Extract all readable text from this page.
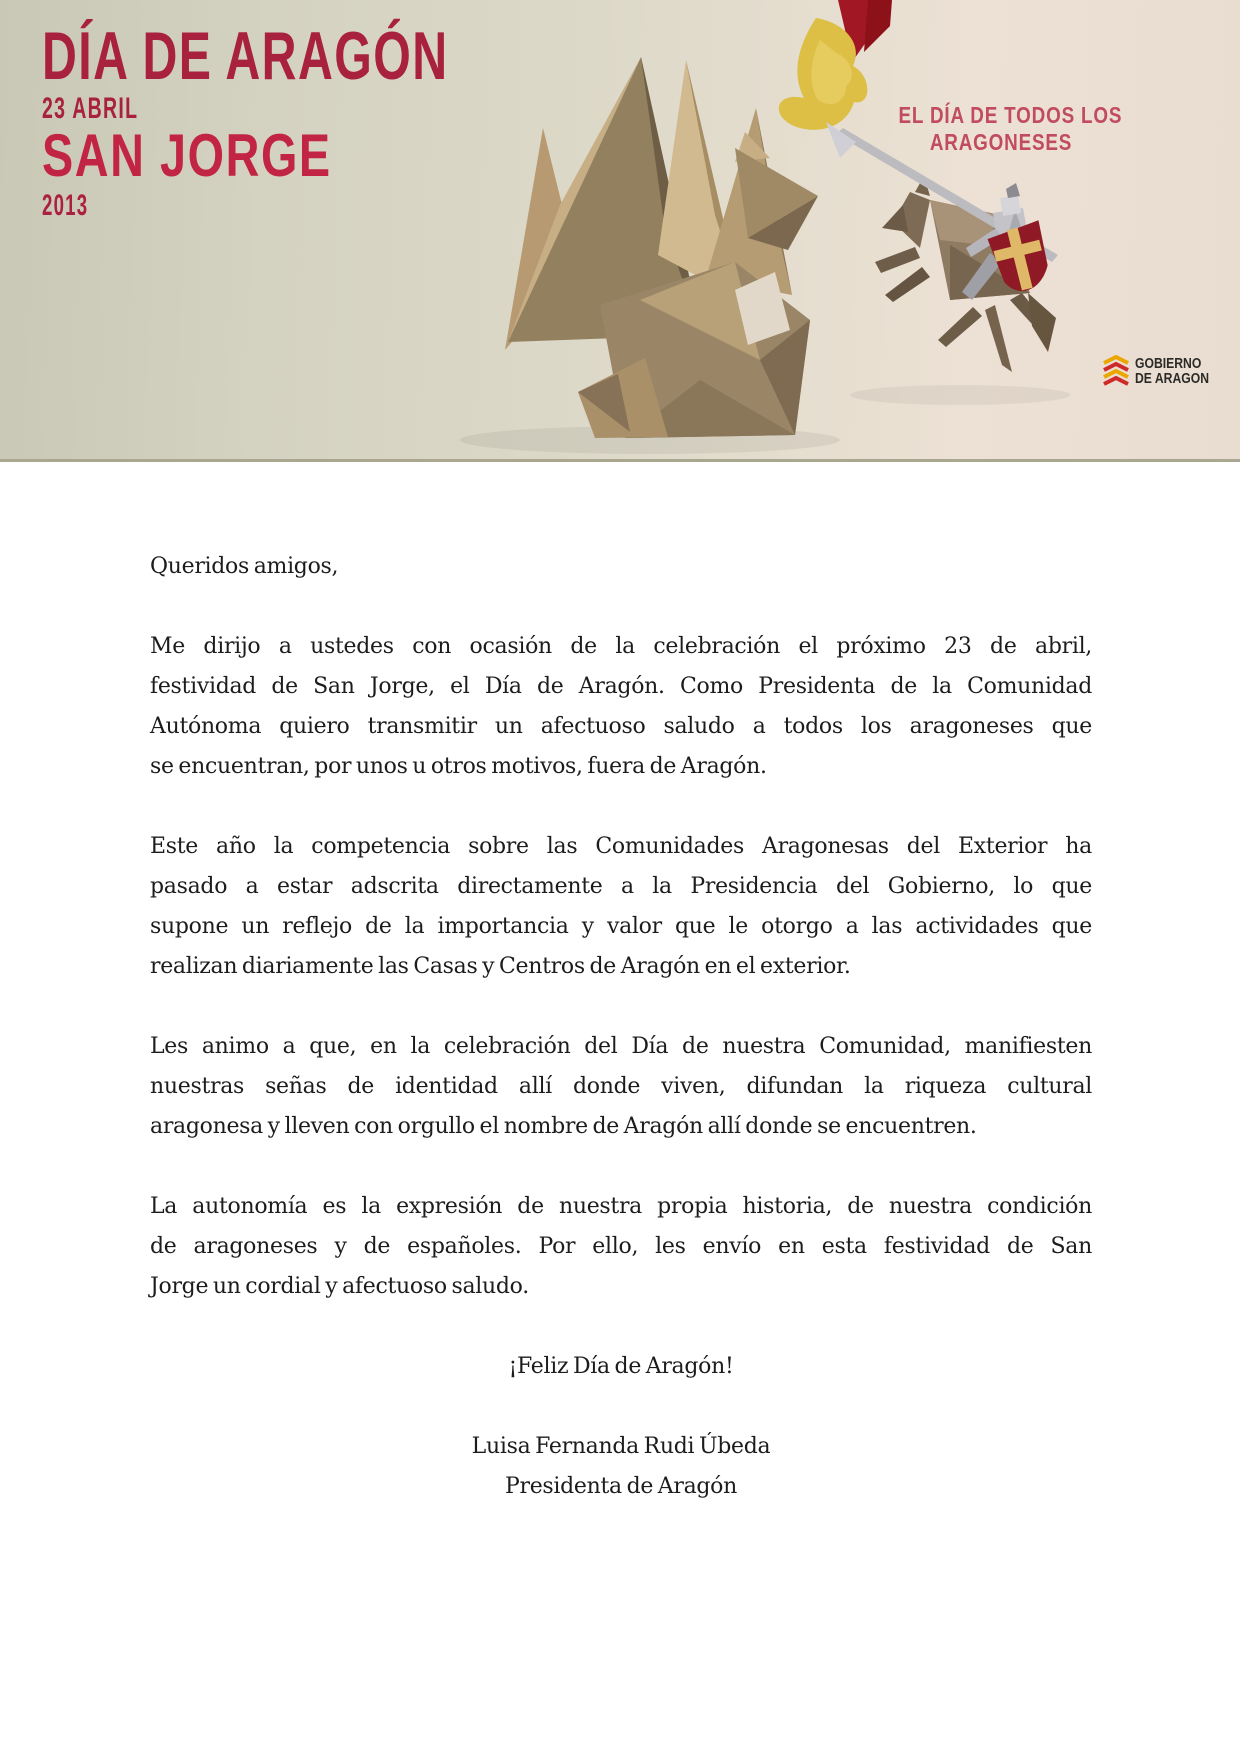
DÍA DE ARAGÓN
23 ABRIL
SAN JORGE
2013
EL DÍA DE TODOS LOS
ARAGONESES
GOBIERNO
DE ARAGON

Queridos amigos,

Me dirijo a ustedes con ocasión de la celebración el próximo 23 de abril,
festividad de San Jorge, el Día de Aragón. Como Presidenta de la Comunidad
Autónoma quiero transmitir un afectuoso saludo a todos los aragoneses que
se encuentran, por unos u otros motivos, fuera de Aragón.

Este año la competencia sobre las Comunidades Aragonesas del Exterior ha
pasado a estar adscrita directamente a la Presidencia del Gobierno, lo que
supone un reflejo de la importancia y valor que le otorgo a las actividades que
realizan diariamente las Casas y Centros de Aragón en el exterior.

Les animo a que, en la celebración del Día de nuestra Comunidad, manifiesten
nuestras señas de identidad allí donde viven, difundan la riqueza cultural
aragonesa y lleven con orgullo el nombre de Aragón allí donde se encuentren.

La autonomía es la expresión de nuestra propia historia, de nuestra condición
de aragoneses y de españoles. Por ello, les envío en esta festividad de San
Jorge un cordial y afectuoso saludo.

¡Feliz Día de Aragón!

Luisa Fernanda Rudi Úbeda

Presidenta de Aragón
